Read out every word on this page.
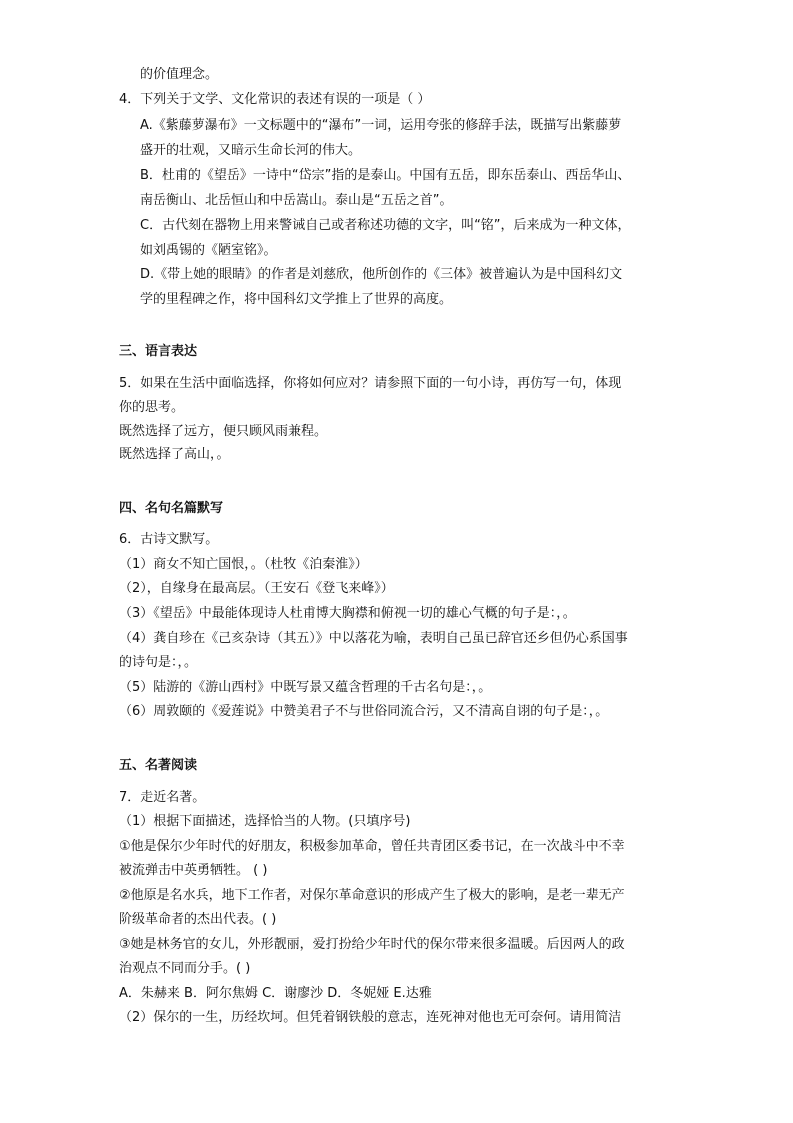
的价值理念。
4．下列关于文学、文化常识的表述有误的一项是（ ）
A.《紫藤萝瀑布》一文标题中的“瀑布”一词，运用夸张的修辞手法，既描写出紫藤萝
盛开的壮观，又暗示生命长河的伟大。
B．杜甫的《望岳》一诗中“岱宗”指的是泰山。中国有五岳，即东岳泰山、西岳华山、
南岳衡山、北岳恒山和中岳嵩山。泰山是“五岳之首”。
C．古代刻在器物上用来警诫自己或者称述功德的文字，叫“铭”，后来成为一种文体，
如刘禹锡的《陋室铭》。
D.《带上她的眼睛》的作者是刘慈欣，他所创作的《三体》被普遍认为是中国科幻文
学的里程碑之作，将中国科幻文学推上了世界的高度。
三、语言表达
5．如果在生活中面临选择，你将如何应对？请参照下面的一句小诗，再仿写一句，体现
你的思考。
既然选择了远方，便只顾风雨兼程。
既然选择了高山，。
四、名句名篇默写
6．古诗文默写。
（1）商女不知亡国恨，。（杜牧《泊秦淮》）
（2），自缘身在最高层。（王安石《登飞来峰》）
（3）《望岳》中最能体现诗人杜甫博大胸襟和俯视一切的雄心气概的句子是：，。
（4）龚自珍在《己亥杂诗（其五）》中以落花为喻，表明自己虽已辞官还乡但仍心系国事
的诗句是：，。
（5）陆游的《游山西村》中既写景又蕴含哲理的千古名句是：，。
（6）周敦颐的《爱莲说》中赞美君子不与世俗同流合污，又不清高自诩的句子是：，。
五、名著阅读
7．走近名著。
（1）根据下面描述，选择恰当的人物。(只填序号)
①他是保尔少年时代的好朋友，积极参加革命，曾任共青团区委书记，在一次战斗中不幸
被流弹击中英勇牺牲。 ( )
②他原是名水兵，地下工作者，对保尔革命意识的形成产生了极大的影响，是老一辈无产
阶级革命者的杰出代表。( )
③她是林务官的女儿，外形靓丽，爱打扮给少年时代的保尔带来很多温暖。后因两人的政
治观点不同而分手。( )
A．朱赫来 B．阿尔焦姆 C．谢廖沙 D．冬妮娅 E.达雅
（2）保尔的一生，历经坎坷。但凭着钢铁般的意志，连死神对他也无可奈何。请用简洁
